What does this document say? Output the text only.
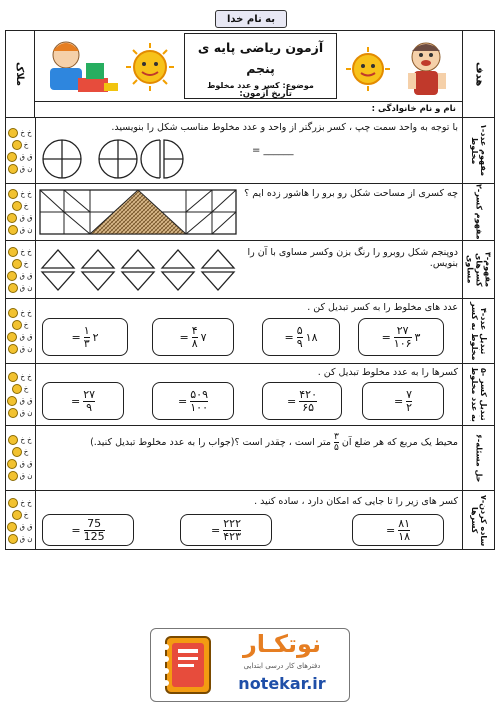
به نام خدا
ملاک	هدف
آزمون ریاضی پایه ی
پنجم
موضوع: کسر و عدد مخلوط
نام و نام خانوادگی :
تاریخ آزمون:
۱-مفهوم عدد مخلوط
۲-مفهوم کسر
۳-مفهوم کسرهای مساوی
۴-تبدیل عدد مخلوط به کسر
۵- تبدیل کسر به عدد مخلوط
۶-حل مسئله
۷-ساده کردن کسرها
خ خ
خ
ق ق
ن ق
خ خ
خ
ق ق
ن ق
خ خ
خ
ق ق
ن ق
خ خ
خ
ق ق
ن ق
خ خ
خ
ق ق
ن ق
خ خ
خ
ق ق
ن ق
خ خ
خ
ق ق
ن ق
با توجه به واحد سمت چپ ، کسر بزرگتر از واحد و عدد مخلوط مناسب شکل را بنویسید.
= ______
چه کسری از مساحت شکل رو برو را هاشور زده ایم ؟
دوپنجم شکل روبرو را رنگ بزن وکسر مساوی با آن را بنویس.
عدد های مخلوط را به کسر تبدیل کن .
۳
$\frac{۲۷}{۱۰۶}$
=
۱۸
$\frac{۵}{۹}$
=
۷
$\frac{۴}{۸}$
=
۲
$\frac{۱}{۳}$
=
کسرها را به عدد مخلوط تبدیل کن .
$\frac{۷}{۲}$
=
$\frac{۴۲۰}{۶۵}$
=
$\frac{۵۰۹}{۱۰۰}$
=
$\frac{۲۷}{۹}$
=
محیط یک مربع که هر ضلع آن
$\frac{۳}{۵}$
متر است ، چقدر است ؟(جواب را به عدد مخلوط تبدیل کنید.)
کسر های زیر را تا جایی که امکان دارد ، ساده کنید .
$\frac{۸۱}{۱۸}$
=
$\frac{۲۲۲}{۴۲۳}$
=
$\frac{75}{125}$
=
نوتکـار
دفترهای کار درسی ابتدایی
notekar.ir
